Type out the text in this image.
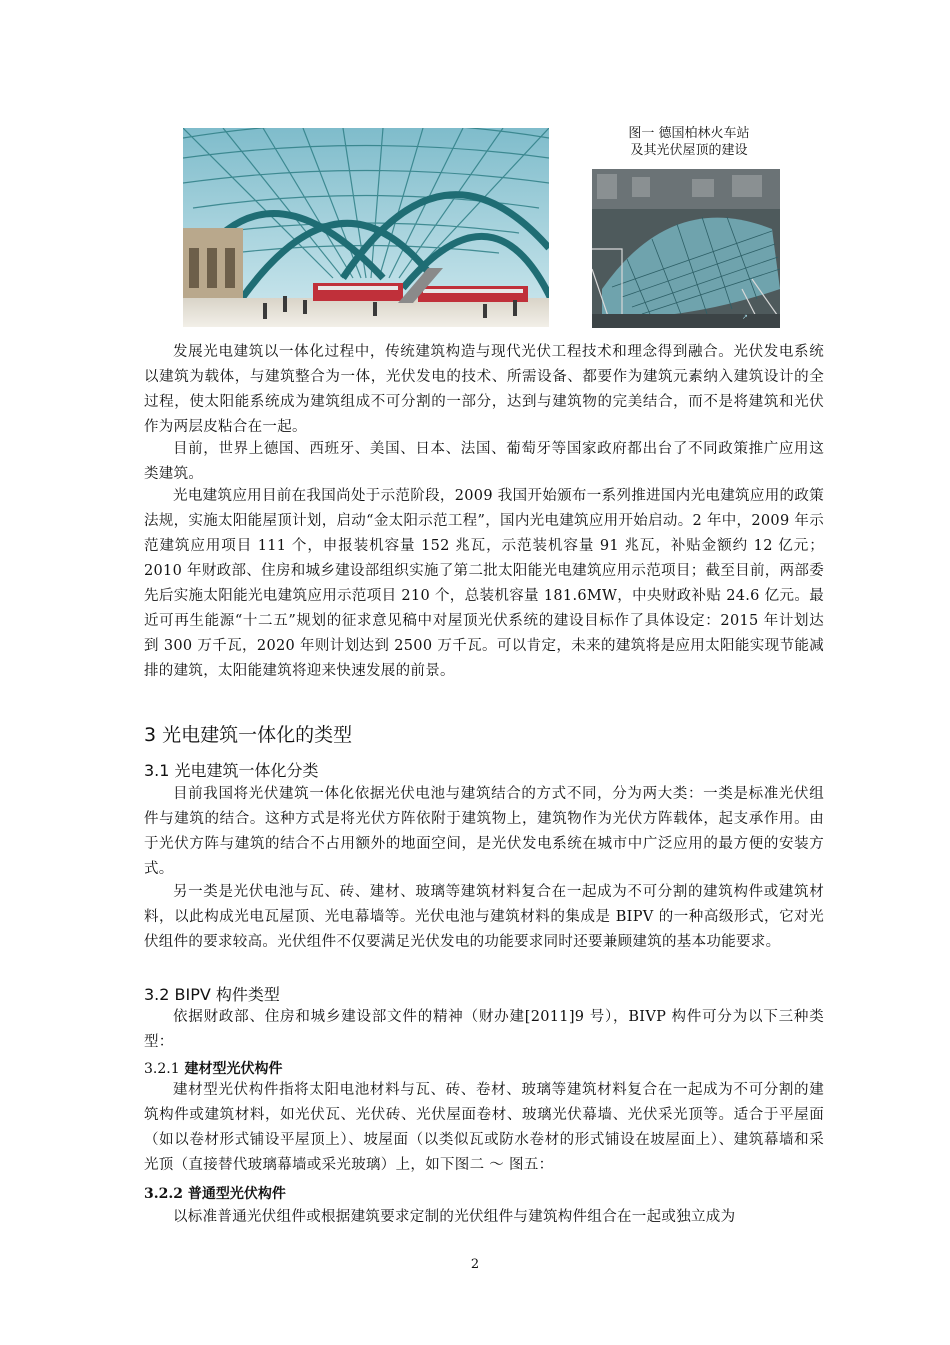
图一 德国柏林火车站
及其光伏屋顶的建设
↗
发展光电建筑以一体化过程中，传统建筑构造与现代光伏工程技术和理念得到融合。光伏发电系统以建筑为载体，与建筑整合为一体，光伏发电的技术、所需设备、都要作为建筑元素纳入建筑设计的全过程，使太阳能系统成为建筑组成不可分割的一部分，达到与建筑物的完美结合，而不是将建筑和光伏作为两层皮粘合在一起。
目前，世界上德国、西班牙、美国、日本、法国、葡萄牙等国家政府都出台了不同政策推广应用这类建筑。
光电建筑应用目前在我国尚处于示范阶段，2009 我国开始颁布一系列推进国内光电建筑应用的政策法规，实施太阳能屋顶计划，启动“金太阳示范工程”，国内光电建筑应用开始启动。2 年中，2009 年示范建筑应用项目 111 个，申报装机容量 152 兆瓦，示范装机容量 91 兆瓦，补贴金额约 12 亿元；2010 年财政部、住房和城乡建设部组织实施了第二批太阳能光电建筑应用示范项目；截至目前，两部委先后实施太阳能光电建筑应用示范项目 210 个，总装机容量 181.6MW，中央财政补贴 24.6 亿元。最近可再生能源“十二五”规划的征求意见稿中对屋顶光伏系统的建设目标作了具体设定：2015 年计划达到 300 万千瓦，2020 年则计划达到 2500 万千瓦。可以肯定，未来的建筑将是应用太阳能实现节能减排的建筑，太阳能建筑将迎来快速发展的前景。
3 光电建筑一体化的类型
3.1 光电建筑一体化分类
目前我国将光伏建筑一体化依据光伏电池与建筑结合的方式不同，分为两大类：一类是标准光伏组件与建筑的结合。这种方式是将光伏方阵依附于建筑物上，建筑物作为光伏方阵载体，起支承作用。由于光伏方阵与建筑的结合不占用额外的地面空间，是光伏发电系统在城市中广泛应用的最方便的安装方式。
另一类是光伏电池与瓦、砖、建材、玻璃等建筑材料复合在一起成为不可分割的建筑构件或建筑材料，以此构成光电瓦屋顶、光电幕墙等。光伏电池与建筑材料的集成是 BIPV 的一种高级形式，它对光伏组件的要求较高。光伏组件不仅要满足光伏发电的功能要求同时还要兼顾建筑的基本功能要求。
3.2 BIPV 构件类型
依据财政部、住房和城乡建设部文件的精神（财办建[2011]9 号），BIVP 构件可分为以下三种类型：
3.2.1 建材型光伏构件
建材型光伏构件指将太阳电池材料与瓦、砖、卷材、玻璃等建筑材料复合在一起成为不可分割的建筑构件或建筑材料，如光伏瓦、光伏砖、光伏屋面卷材、玻璃光伏幕墙、光伏采光顶等。适合于平屋面（如以卷材形式铺设平屋顶上）、坡屋面（以类似瓦或防水卷材的形式铺设在坡屋面上）、建筑幕墙和采光顶（直接替代玻璃幕墙或采光玻璃）上，如下图二 ～ 图五：
3.2.2 普通型光伏构件
以标准普通光伏组件或根据建筑要求定制的光伏组件与建筑构件组合在一起或独立成为
2
